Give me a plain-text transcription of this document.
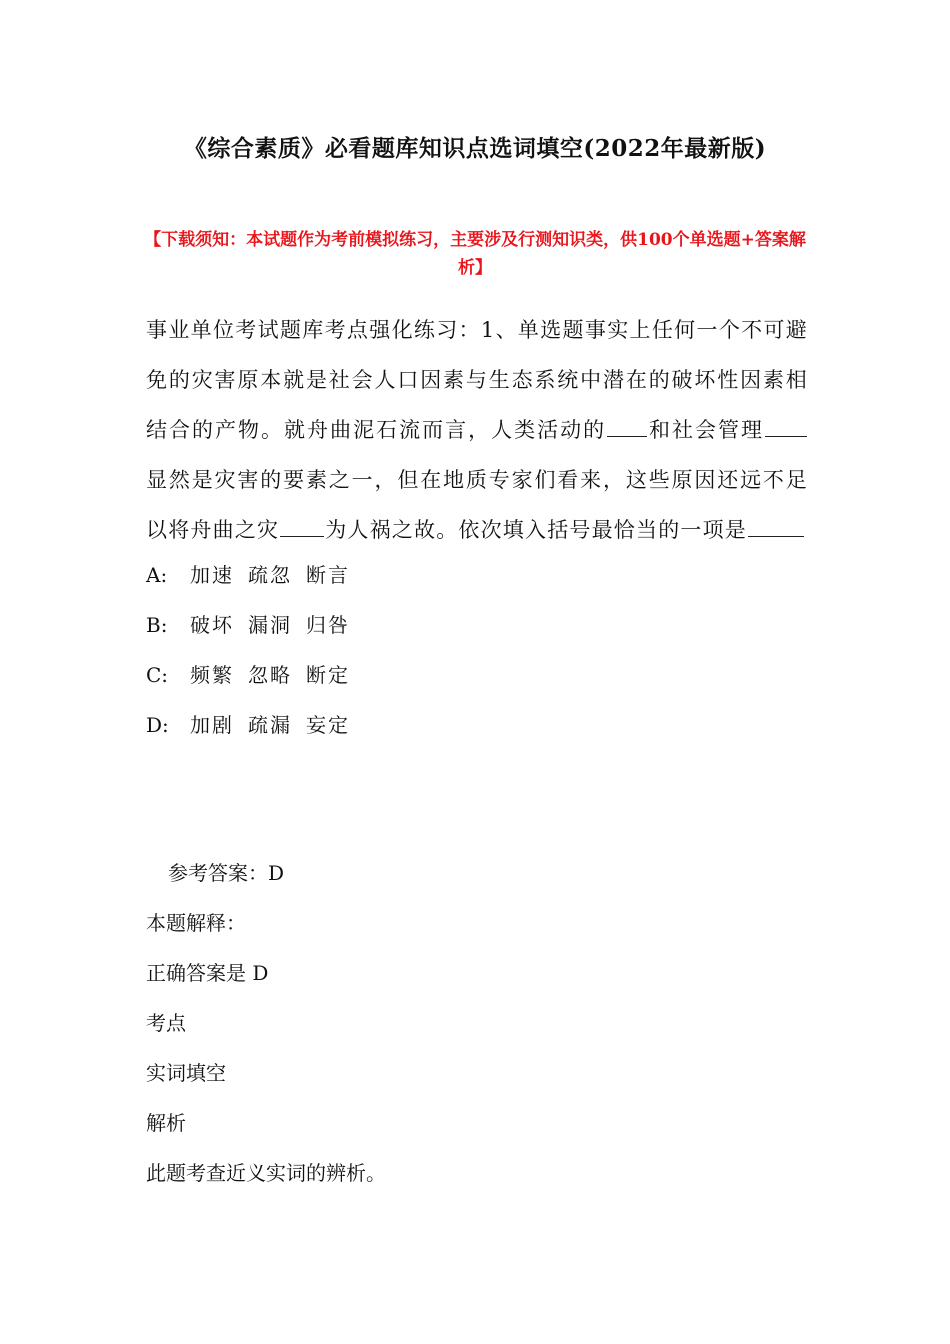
《综合素质》必看题库知识点选词填空(2022年最新版)
【下载须知：本试题作为考前模拟练习，主要涉及行测知识类，供100个单选题+答案解析】
事业单位考试题库考点强化练习：1、单选题事实上任何一个不可避免的灾害原本就是社会人口因素与生态系统中潜在的破坏性因素相结合的产物。就舟曲泥石流而言，人类活动的 和社会管理显然是灾害的要素之一，但在地质专家们看来，这些原因还远不足以将舟曲之灾 为人祸之故。依次填入括号最恰当的一项是
A: 加速 疏忽 断言
B: 破坏 漏洞 归咎
C: 频繁 忽略 断定
D: 加剧 疏漏 妄定
参考答案：D
本题解释：
正确答案是 D
考点
实词填空
解析
此题考查近义实词的辨析。
